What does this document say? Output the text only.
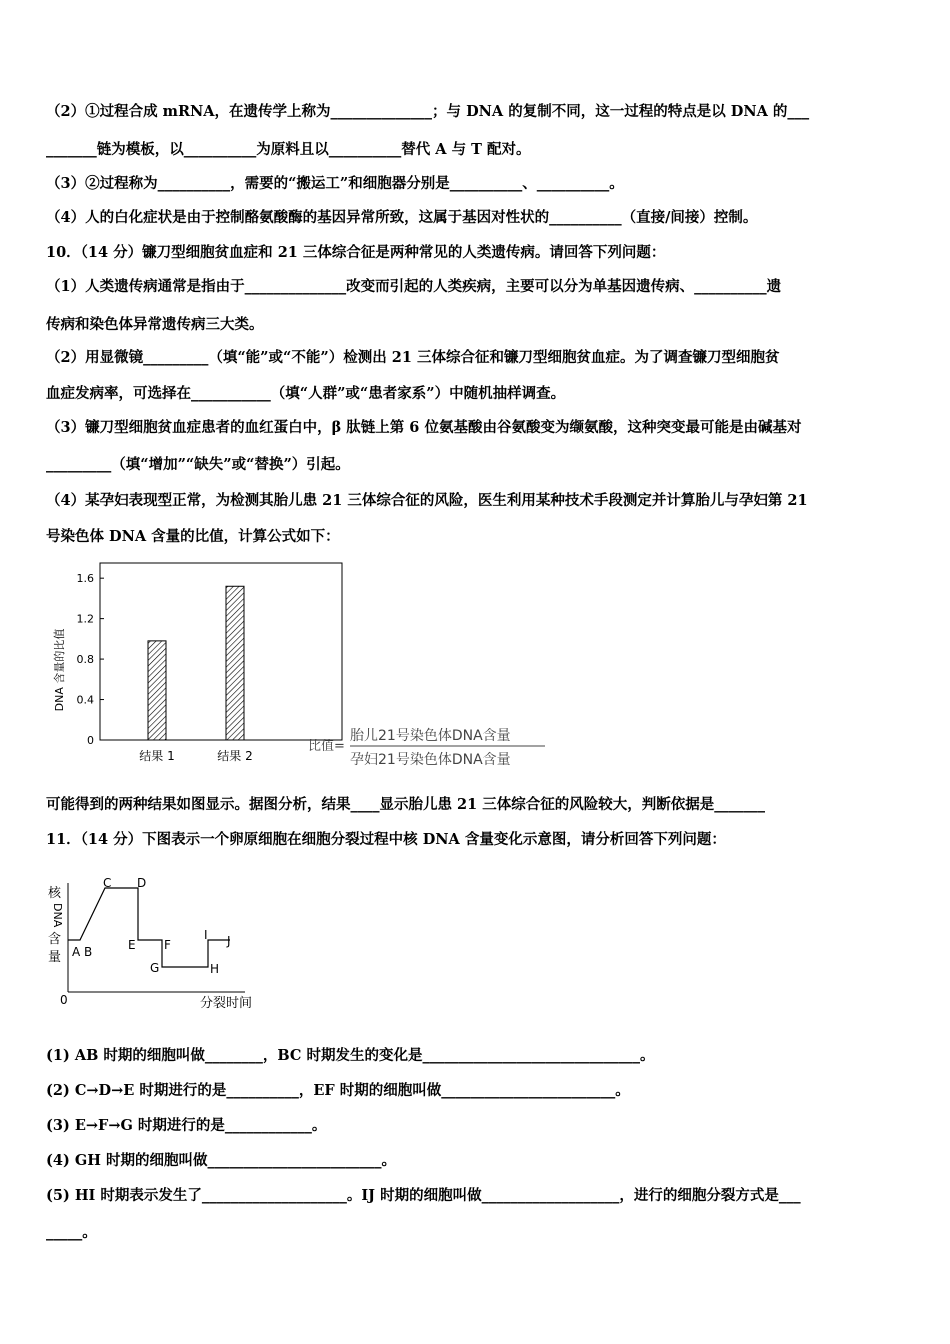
（2）①过程合成 mRNA，在遗传学上称为______________；与 DNA 的复制不同，这一过程的特点是以 DNA 的___
_______链为模板，以__________为原料且以__________替代 A 与 T 配对。
（3）②过程称为__________，需要的“搬运工”和细胞器分别是__________、__________。
（4）人的白化症状是由于控制酪氨酸酶的基因异常所致，这属于基因对性状的__________（直接/间接）控制。
10．（14 分）镰刀型细胞贫血症和 21 三体综合征是两种常见的人类遗传病。请回答下列问题：
（1）人类遗传病通常是指由于______________改变而引起的人类疾病，主要可以分为单基因遗传病、__________遗
传病和染色体异常遗传病三大类。
（2）用显微镜_________（填“能”或“不能”）检测出 21 三体综合征和镰刀型细胞贫血症。为了调查镰刀型细胞贫
血症发病率，可选择在___________（填“人群”或“患者家系”）中随机抽样调查。
（3）镰刀型细胞贫血症患者的血红蛋白中，β 肽链上第 6 位氨基酸由谷氨酸变为缬氨酸，这种突变最可能是由碱基对
_________（填“增加”“缺失”或“替换”）引起。
（4）某孕妇表现型正常，为检测其胎儿患 21 三体综合征的风险，医生利用某种技术手段测定并计算胎儿与孕妇第 21
号染色体 DNA 含量的比值，计算公式如下：
0
0.4
0.8
1.2
1.6
DNA 含量的比值
结果 1	结果 2
比值=
胎儿21号染色体DNA含量
孕妇21号染色体DNA含量
可能得到的两种结果如图显示。据图分析，结果____显示胎儿患 21 三体综合征的风险较大，判断依据是_______
11．（14 分）下图表示一个卵原细胞在细胞分裂过程中核 DNA 含量变化示意图，请分析回答下列问题：
核
DNA
含
量
0	分裂时间
A B
C D
E F
G	H
I J
(1) AB 时期的细胞叫做________，BC 时期发生的变化是______________________________。
(2) C→D→E 时期进行的是__________，EF 时期的细胞叫做________________________。
(3) E→F→G 时期进行的是____________。
(4) GH 时期的细胞叫做________________________。
(5) HI 时期表示发生了____________________。IJ 时期的细胞叫做___________________，进行的细胞分裂方式是___
_____。
